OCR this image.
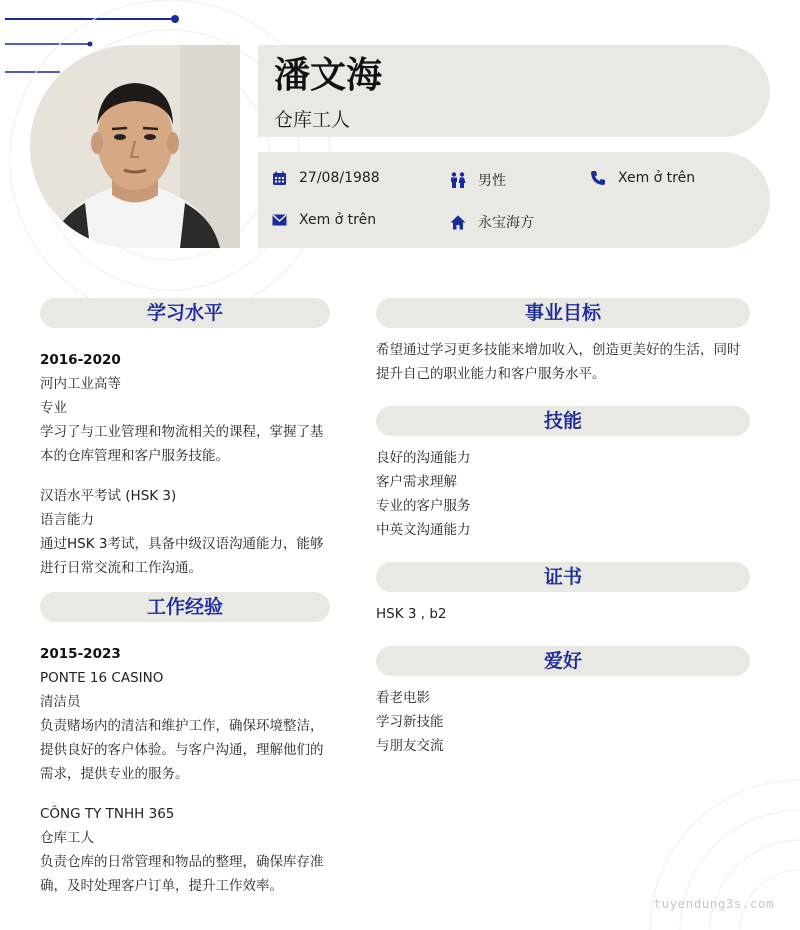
潘文海
仓库工人
27/08/1988	男性	Xem ở trên
Xem ở trên	永宝海方
学习水平
2016-2020
河内工业高等
专业
学习了与工业管理和物流相关的课程，掌握了基本的仓库管理和客户服务技能。
汉语水平考试 (HSK 3)
语言能力
通过HSK 3考试，具备中级汉语沟通能力，能够进行日常交流和工作沟通。
工作经验
2015-2023
PONTE 16 CASINO
清洁员
负责赌场内的清洁和维护工作，确保环境整洁，提供良好的客户体验。与客户沟通，理解他们的需求，提供专业的服务。
CÔNG TY TNHH 365
仓库工人
负责仓库的日常管理和物品的整理，确保库存准确，及时处理客户订单，提升工作效率。
事业目标
希望通过学习更多技能来增加收入，创造更美好的生活，同时提升自己的职业能力和客户服务水平。
技能
良好的沟通能力
客户需求理解
专业的客户服务
中英文沟通能力
证书
HSK 3 , b2
爱好
看老电影
学习新技能
与朋友交流
tuyendung3s.com
